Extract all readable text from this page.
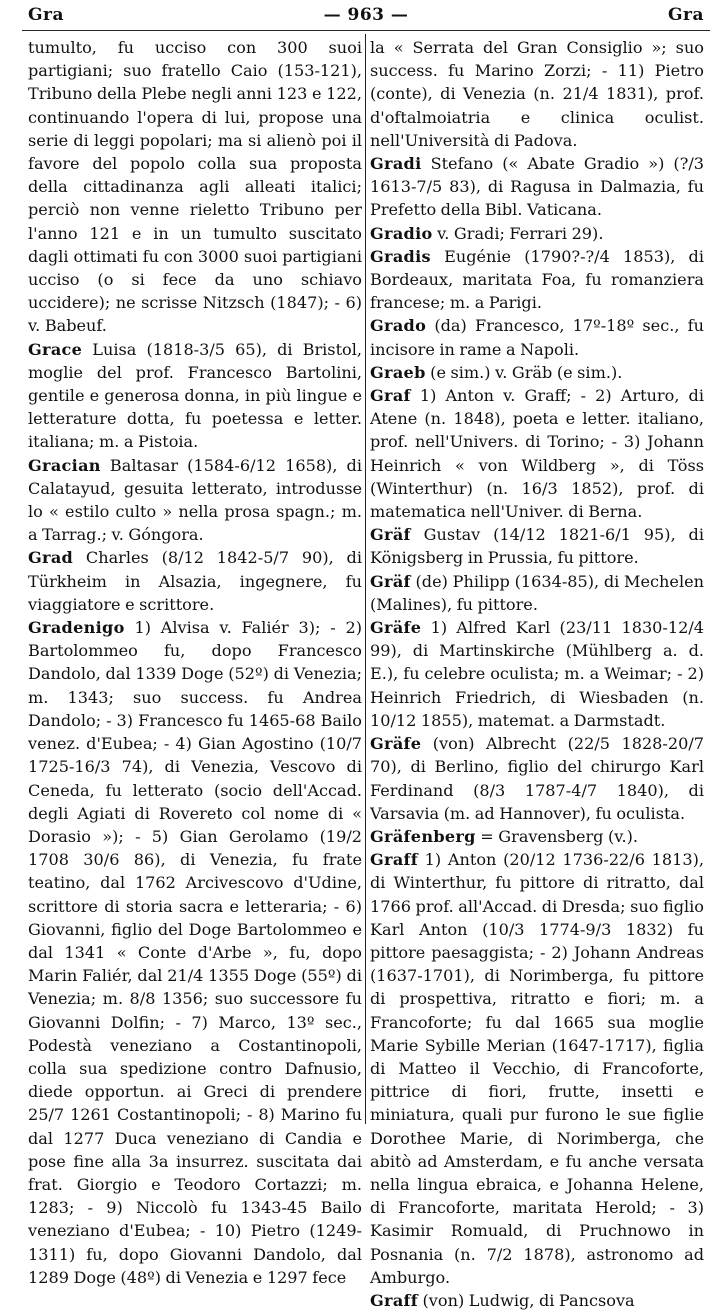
Gra	— 963 —	Gra

tumulto, fu ucciso con 300 suoi partigiani; suo fratello Caio (153-121), Tribuno della Plebe negli anni 123 e 122, continuando l'opera di lui, propose una serie di leggi popolari; ma si alienò poi il favore del popolo colla sua proposta della cittadinanza agli alleati italici; perciò non venne rieletto Tribuno per l'anno 121 e in un tumulto suscitato dagli ottimati fu con 3000 suoi partigiani ucciso (o si fece da uno schiavo uccidere); ne scrisse Nitzsch (1847); - 6) v. Babeuf.

Grace Luisa (1818-3/5 65), di Bristol, moglie del prof. Francesco Bartolini, gentile e generosa donna, in più lingue e letterature dotta, fu poetessa e letter. italiana; m. a Pistoia.

Gracian Baltasar (1584-6/12 1658), di Calatayud, gesuita letterato, introdusse lo « estilo culto » nella prosa spagn.; m. a Tarrag.; v. Góngora.

Grad Charles (8/12 1842-5/7 90), di Türkheim in Alsazia, ingegnere, fu viaggiatore e scrittore.

Gradenigo 1) Alvisa v. Faliér 3); - 2) Bartolommeo fu, dopo Francesco Dandolo, dal 1339 Doge (52º) di Venezia; m. 1343; suo success. fu Andrea Dandolo; - 3) Francesco fu 1465-68 Bailo venez. d'Eubea; - 4) Gian Agostino (10/7 1725-16/3 74), di Venezia, Vescovo di Ceneda, fu letterato (socio dell'Accad. degli Agiati di Rovereto col nome di « Dorasio »); - 5) Gian Gerolamo (19/2 1708 30/6 86), di Venezia, fu frate teatino, dal 1762 Arcivescovo d'Udine, scrittore di storia sacra e letteraria; - 6) Giovanni, figlio del Doge Bartolommeo e dal 1341 « Conte d'Arbe », fu, dopo Marin Faliér, dal 21/4 1355 Doge (55º) di Venezia; m. 8/8 1356; suo successore fu Giovanni Dolfin; - 7) Marco, 13º sec., Podestà veneziano a Costantinopoli, colla sua spedizione contro Dafnusio, diede opportun. ai Greci di prendere 25/7 1261 Costantinopoli; - 8) Marino fu dal 1277 Duca veneziano di Candia e pose fine alla 3a insurrez. suscitata dai frat. Giorgio e Teodoro Cortazzi; m. 1283; - 9) Niccolò fu 1343-45 Bailo veneziano d'Eubea; - 10) Pietro (1249-1311) fu, dopo Giovanni Dandolo, dal 1289 Doge (48º) di Venezia e 1297 fece

la « Serrata del Gran Consiglio »; suo success. fu Marino Zorzi; - 11) Pietro (conte), di Venezia (n. 21/4 1831), prof. d'oftalmoiatria e clinica oculist. nell'Università di Padova.

Gradi Stefano (« Abate Gradio ») (?/3 1613-7/5 83), di Ragusa in Dalmazia, fu Prefetto della Bibl. Vaticana.

Gradio v. Gradi; Ferrari 29).

Gradis Eugénie (1790?-?/4 1853), di Bordeaux, maritata Foa, fu romanziera francese; m. a Parigi.

Grado (da) Francesco, 17º-18º sec., fu incisore in rame a Napoli.

Graeb (e sim.) v. Gräb (e sim.).

Graf 1) Anton v. Graff; - 2) Arturo, di Atene (n. 1848), poeta e letter. italiano, prof. nell'Univers. di Torino; - 3) Johann Heinrich « von Wildberg », di Töss (Winterthur) (n. 16/3 1852), prof. di matematica nell'Univer. di Berna.

Gräf Gustav (14/12 1821-6/1 95), di Königsberg in Prussia, fu pittore.

Gräf (de) Philipp (1634-85), di Mechelen (Malines), fu pittore.

Gräfe 1) Alfred Karl (23/11 1830-12/4 99), di Martinskirche (Mühlberg a. d. E.), fu celebre oculista; m. a Weimar; - 2) Heinrich Friedrich, di Wiesbaden (n. 10/12 1855), matemat. a Darmstadt.

Gräfe (von) Albrecht (22/5 1828-20/7 70), di Berlino, figlio del chirurgo Karl Ferdinand (8/3 1787-4/7 1840), di Varsavia (m. ad Hannover), fu oculista.

Gräfenberg = Gravensberg (v.).

Graff 1) Anton (20/12 1736-22/6 1813), di Winterthur, fu pittore di ritratto, dal 1766 prof. all'Accad. di Dresda; suo figlio Karl Anton (10/3 1774-9/3 1832) fu pittore paesaggista; - 2) Johann Andreas (1637-1701), di Norimberga, fu pittore di prospettiva, ritratto e fiori; m. a Francoforte; fu dal 1665 sua moglie Marie Sybille Merian (1647-1717), figlia di Matteo il Vecchio, di Francoforte, pittrice di fiori, frutte, insetti e miniatura, quali pur furono le sue figlie Dorothee Marie, di Norimberga, che abitò ad Amsterdam, e fu anche versata nella lingua ebraica, e Johanna Helene, di Francoforte, maritata Herold; - 3) Kasimir Romuald, di Pruchnowo in Posnania (n. 7/2 1878), astronomo ad Amburgo.

Graff (von) Ludwig, di Pancsova
